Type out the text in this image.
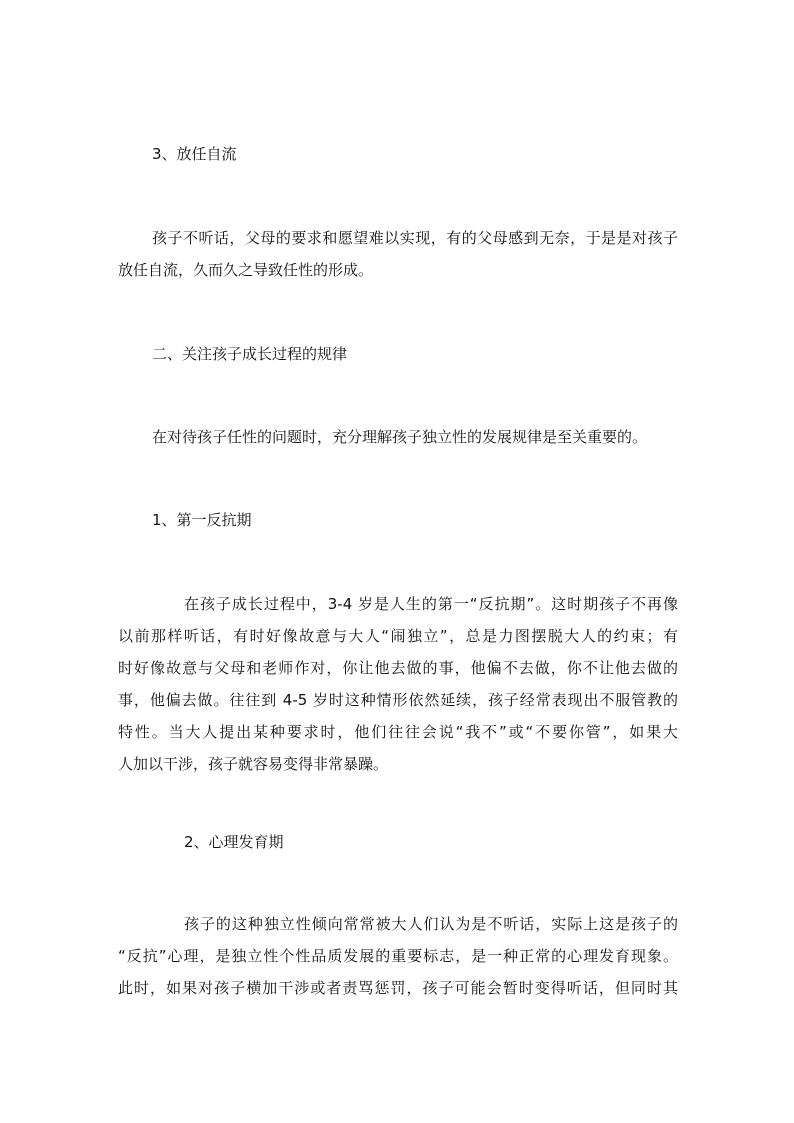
3、放任自流
孩子不听话，父母的要求和愿望难以实现，有的父母感到无奈，于是是对孩子
放任自流，久而久之导致任性的形成。
二、关注孩子成长过程的规律
在对待孩子任性的问题时，充分理解孩子独立性的发展规律是至关重要的。
1、第一反抗期
在孩子成长过程中，3-4 岁是人生的第一“反抗期”。这时期孩子不再像
以前那样听话，有时好像故意与大人“闹独立”，总是力图摆脱大人的约束；有
时好像故意与父母和老师作对，你让他去做的事，他偏不去做，你不让他去做的
事，他偏去做。往往到 4-5 岁时这种情形依然延续，孩子经常表现出不服管教的
特性。当大人提出某种要求时，他们往往会说“我不”或“不要你管”，如果大
人加以干涉，孩子就容易变得非常暴躁。
2、心理发育期
孩子的这种独立性倾向常常被大人们认为是不听话，实际上这是孩子的
“反抗”心理，是独立性个性品质发展的重要标志，是一种正常的心理发育现象。
此时，如果对孩子横加干涉或者责骂惩罚，孩子可能会暂时变得听话，但同时其
